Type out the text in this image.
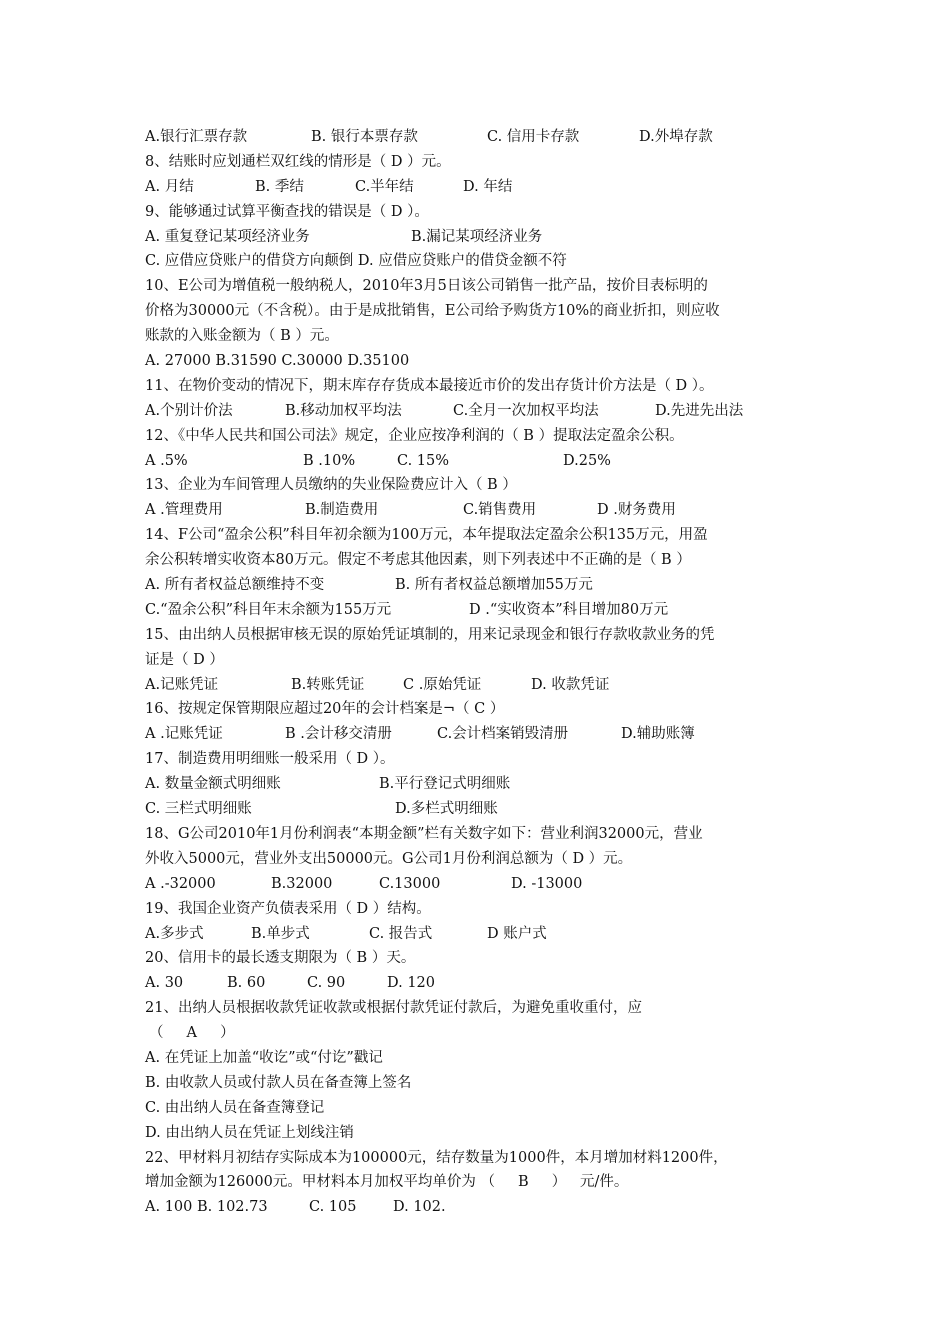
A.银行汇票存款	B. 银行本票存款	C. 信用卡存款	D.外埠存款
8、结账时应划通栏双红线的情形是（ D ）元。
A. 月结	B. 季结	C.半年结	D. 年结
9、能够通过试算平衡查找的错误是（ D ）。
A. 重复登记某项经济业务	B.漏记某项经济业务
C. 应借应贷账户的借贷方向颠倒 D. 应借应贷账户的借贷金额不符
10、E公司为增值税一般纳税人，2010年3月5日该公司销售一批产品，按价目表标明的
价格为30000元（不含税）。由于是成批销售，E公司给予购货方10%的商业折扣，则应收
账款的入账金额为（ B ）元。
A. 27000 B.31590 C.30000 D.35100
11、在物价变动的情况下，期末库存存货成本最接近市价的发出存货计价方法是（ D ）。
A.个别计价法	B.移动加权平均法	C.全月一次加权平均法	D.先进先出法
12、《中华人民共和国公司法》规定，企业应按净利润的（ B ）提取法定盈余公积。
A .5%	B .10%	C. 15%	D.25%
13、企业为车间管理人员缴纳的失业保险费应计入（ B ）
A .管理费用	B.制造费用	C.销售费用	D .财务费用
14、F公司“盈余公积”科目年初余额为100万元，本年提取法定盈余公积135万元，用盈
余公积转增实收资本80万元。假定不考虑其他因素，则下列表述中不正确的是（ B ）
A. 所有者权益总额维持不变	B. 所有者权益总额增加55万元
C.“盈余公积”科目年末余额为155万元	D .“实收资本”科目增加80万元
15、由出纳人员根据审核无误的原始凭证填制的，用来记录现金和银行存款收款业务的凭
证是（ D ）
A.记账凭证	B.转账凭证	C .原始凭证	D. 收款凭证
16、按规定保管期限应超过20年的会计档案是¬（ C ）
A .记账凭证	B .会计移交清册	C.会计档案销毁清册	D.辅助账簿
17、制造费用明细账一般采用（ D ）。
A. 数量金额式明细账	B.平行登记式明细账
C. 三栏式明细账	D.多栏式明细账
18、G公司2010年1月份利润表“本期金额”栏有关数字如下：营业利润32000元，营业
外收入5000元，营业外支出50000元。G公司1月份利润总额为（ D ）元。
A .-32000	B.32000	C.13000	D. -13000
19、我国企业资产负债表采用（ D ）结构。
A.多步式	B.单步式	C. 报告式	D 账户式
20、信用卡的最长透支期限为（ B ）天。
A. 30	B. 60	C. 90	D. 120
21、出纳人员根据收款凭证收款或根据付款凭证付款后，为避免重收重付，应
（     A     ）
A. 在凭证上加盖“收讫”或“付讫”戳记
B. 由收款人员或付款人员在备查簿上签名
C. 由出纳人员在备查簿登记
D. 由出纳人员在凭证上划线注销
22、甲材料月初结存实际成本为100000元，结存数量为1000件，本月增加材料1200件，
增加金额为126000元。甲材料本月加权平均单价为 （     B     ）   元/件。
A. 100 B. 102.73	C. 105	D. 102.
